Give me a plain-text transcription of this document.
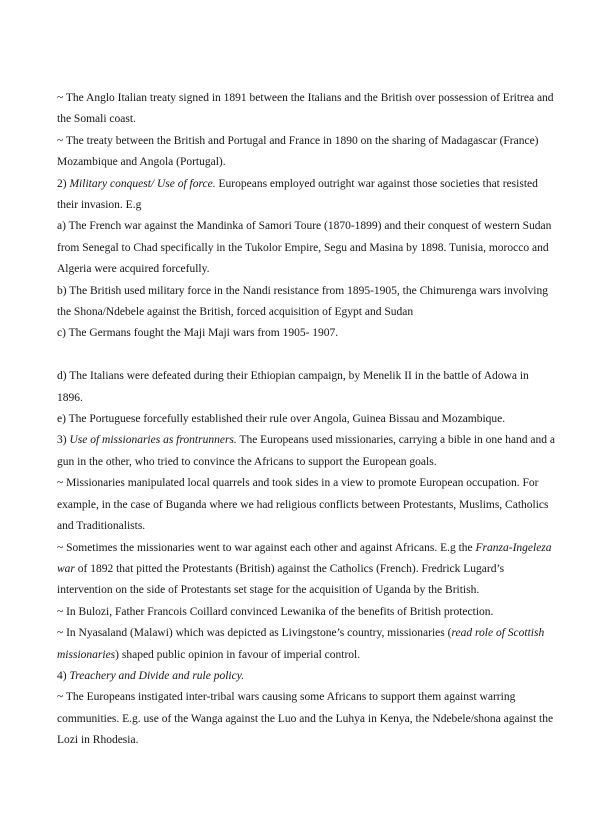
~ The Anglo Italian treaty signed in 1891 between the Italians and the British over possession of Eritrea and the Somali coast.

~ The treaty between the British and Portugal and France in 1890 on the sharing of Madagascar (France) Mozambique and Angola (Portugal).

2) Military conquest/ Use of force. Europeans employed outright war against those societies that resisted their invasion. E.g

a) The French war against the Mandinka of Samori Toure (1870-1899) and their conquest of western Sudan from Senegal to Chad specifically in the Tukolor Empire, Segu and Masina by 1898. Tunisia, morocco and Algeria were acquired forcefully.

b) The British used military force in the Nandi resistance from 1895-1905, the Chimurenga wars involving the Shona/Ndebele against the British, forced acquisition of Egypt and Sudan

c) The Germans fought the Maji Maji wars from 1905- 1907.

d) The Italians were defeated during their Ethiopian campaign, by Menelik II in the battle of Adowa in 1896.

e) The Portuguese forcefully established their rule over Angola, Guinea Bissau and Mozambique.

3) Use of missionaries as frontrunners. The Europeans used missionaries, carrying a bible in one hand and a gun in the other, who tried to convince the Africans to support the European goals.

~ Missionaries manipulated local quarrels and took sides in a view to promote European occupation. For example, in the case of Buganda where we had religious conflicts between Protestants, Muslims, Catholics and Traditionalists.

~ Sometimes the missionaries went to war against each other and against Africans. E.g the Franza-Ingeleza war of 1892 that pitted the Protestants (British) against the Catholics (French). Fredrick Lugard’s intervention on the side of Protestants set stage for the acquisition of Uganda by the British.

~ In Bulozi, Father Francois Coillard convinced Lewanika of the benefits of British protection.

~ In Nyasaland (Malawi) which was depicted as Livingstone’s country, missionaries (read role of Scottish missionaries) shaped public opinion in favour of imperial control.

4) Treachery and Divide and rule policy.

~ The Europeans instigated inter-tribal wars causing some Africans to support them against warring communities. E.g. use of the Wanga against the Luo and the Luhya in Kenya, the Ndebele/shona against the Lozi in Rhodesia.
